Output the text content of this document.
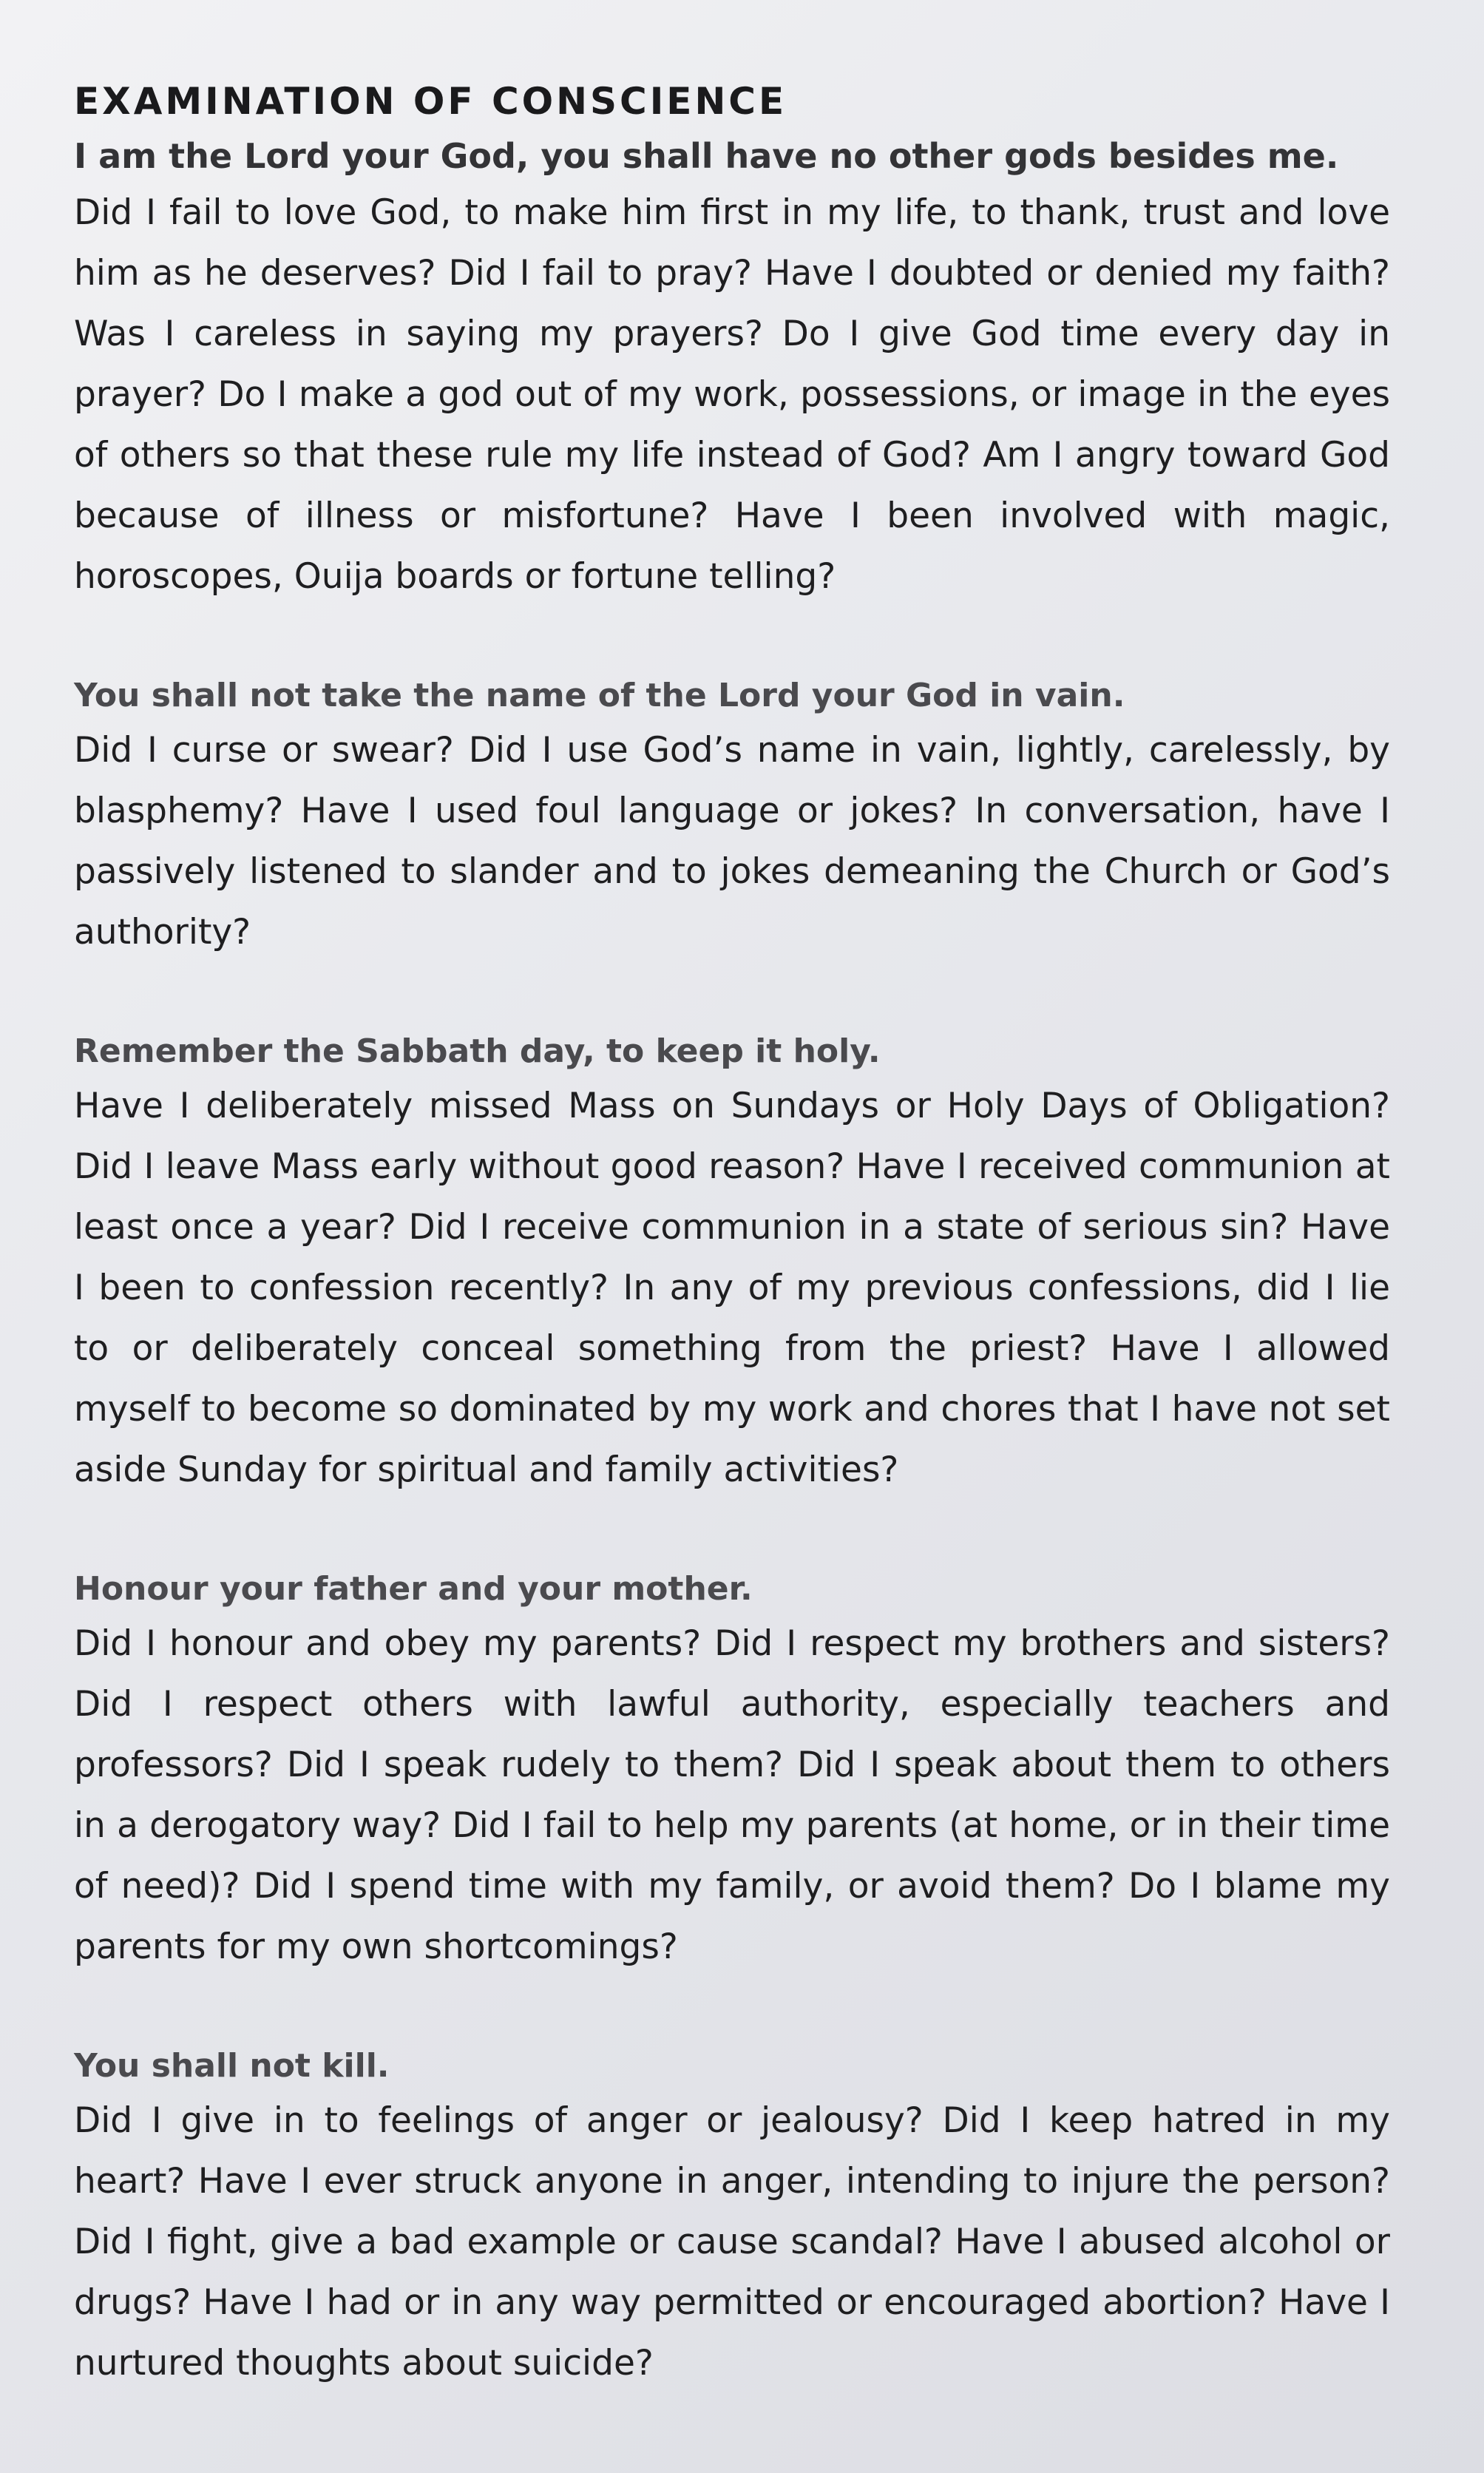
EXAMINATION OF CONSCIENCE

I am the Lord your God, you shall have no other gods besides me.

Did I fail to love God, to make him first in my life, to thank, trust and love him as he deserves? Did I fail to pray? Have I doubted or denied my faith? Was I careless in saying my prayers? Do I give God time every day in prayer? Do I make a god out of my work, possessions, or image in the eyes of others so that these rule my life instead of God? Am I angry toward God because of illness or misfortune? Have I been involved with magic, horoscopes, Ouija boards or fortune telling?

You shall not take the name of the Lord your God in vain.

Did I curse or swear? Did I use God’s name in vain, lightly, carelessly, by blasphemy? Have I used foul language or jokes? In conversation, have I passively listened to slander and to jokes demeaning the Church or God’s authority?

Remember the Sabbath day, to keep it holy.

Have I deliberately missed Mass on Sundays or Holy Days of Obligation? Did I leave Mass early without good reason? Have I received communion at least once a year? Did I receive communion in a state of serious sin? Have I been to confession recently? In any of my previous confessions, did I lie to or deliberately conceal something from the priest? Have I allowed myself to become so dominated by my work and chores that I have not set aside Sunday for spiritual and family activities?

Honour your father and your mother.

Did I honour and obey my parents? Did I respect my brothers and sisters? Did I respect others with lawful authority, especially teachers and professors? Did I speak rudely to them? Did I speak about them to others in a derogatory way? Did I fail to help my parents (at home, or in their time of need)? Did I spend time with my family, or avoid them? Do I blame my parents for my own shortcomings?

You shall not kill.

Did I give in to feelings of anger or jealousy? Did I keep hatred in my heart? Have I ever struck anyone in anger, intending to injure the person? Did I fight, give a bad example or cause scandal? Have I abused alcohol or drugs? Have I had or in any way permitted or encouraged abortion? Have I nurtured thoughts about suicide?
